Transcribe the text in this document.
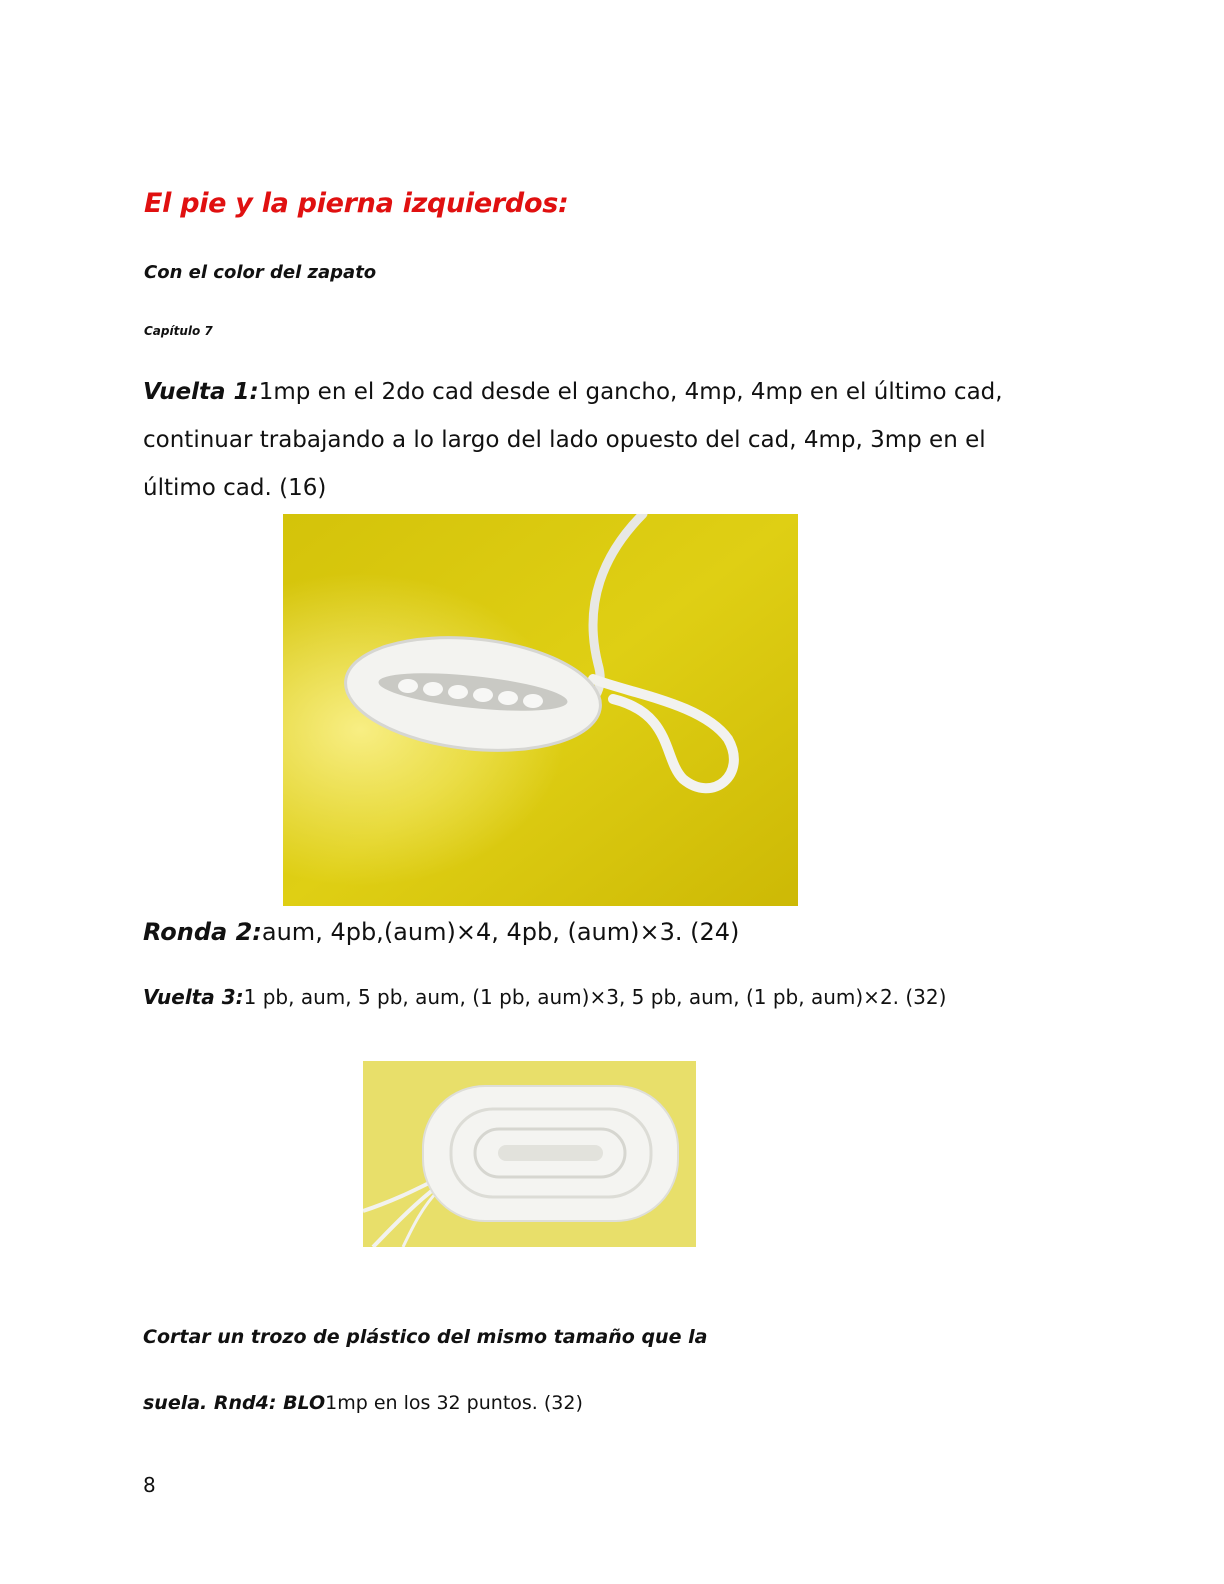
El pie y la pierna izquierdos:
Con el color del zapato
Capítulo 7
Vuelta 1:1mp en el 2do cad desde el gancho, 4mp, 4mp en el último cad, continuar trabajando a lo largo del lado opuesto del cad, 4mp, 3mp en el último cad. (16)
Ronda 2:aum, 4pb,(aum)×4, 4pb, (aum)×3. (24)
Vuelta 3:1 pb, aum, 5 pb, aum, (1 pb, aum)×3, 5 pb, aum, (1 pb, aum)×2. (32)
Cortar un trozo de plástico del mismo tamaño que la
suela. Rnd4: BLO1mp en los 32 puntos. (32)
8
